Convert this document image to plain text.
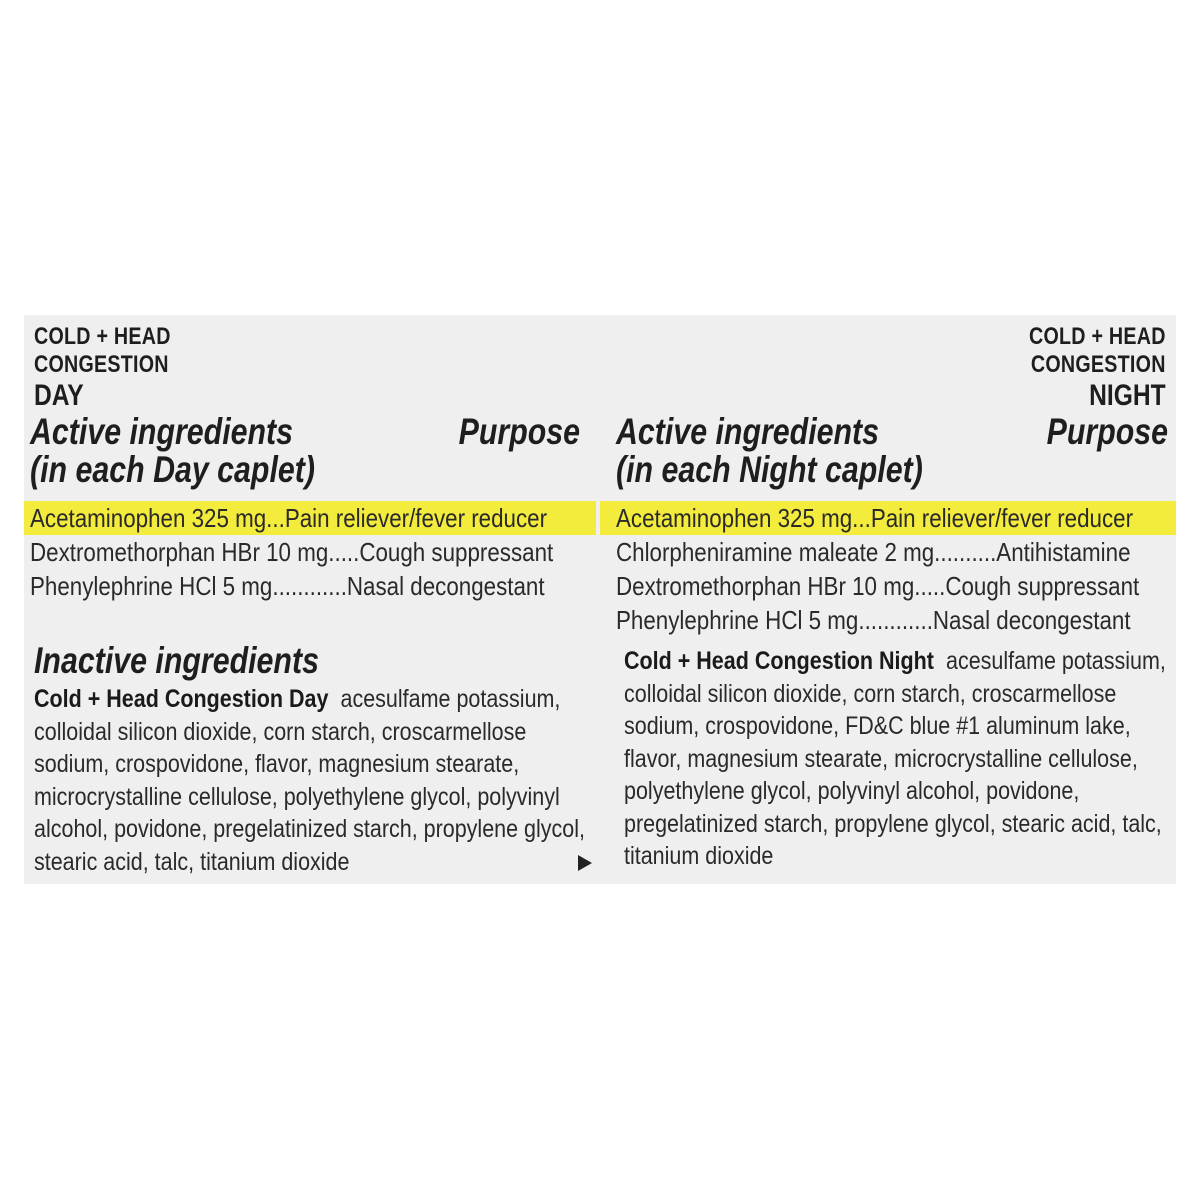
COLD + HEAD
CONGESTION
DAY
Active ingredients
(in each Day caplet)
Purpose
Acetaminophen 325 mg...Pain reliever/fever reducer
Dextromethorphan HBr 10 mg.....Cough suppressant
Phenylephrine HCl 5 mg............Nasal decongestant
Inactive ingredients
Cold + Head Congestion Day acesulfame potassium, colloidal silicon dioxide, corn starch, croscarmellose sodium, crospovidone, flavor, magnesium stearate, microcrystalline cellulose, polyethylene glycol, polyvinyl alcohol, povidone, pregelatinized starch, propylene glycol, stearic acid, talc, titanium dioxide
COLD + HEAD
CONGESTION
NIGHT
Active ingredients
(in each Night caplet)
Purpose
Acetaminophen 325 mg...Pain reliever/fever reducer
Chlorpheniramine maleate 2 mg..........Antihistamine
Dextromethorphan HBr 10 mg.....Cough suppressant
Phenylephrine HCl 5 mg............Nasal decongestant
Cold + Head Congestion Night acesulfame potassium, colloidal silicon dioxide, corn starch, croscarmellose sodium, crospovidone, FD&C blue #1 aluminum lake, flavor, magnesium stearate, microcrystalline cellulose, polyethylene glycol, polyvinyl alcohol, povidone, pregelatinized starch, propylene glycol, stearic acid, talc, titanium dioxide
